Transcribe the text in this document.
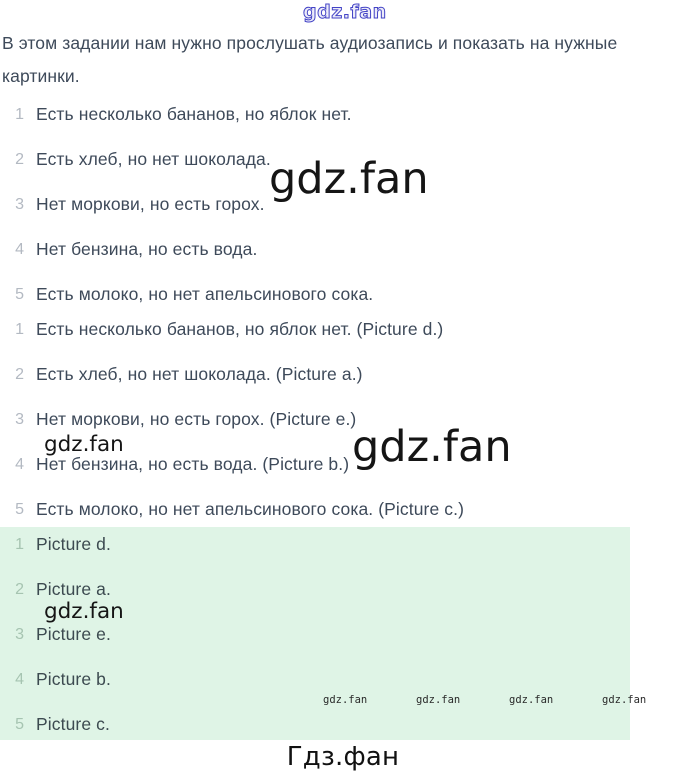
gdz.fan
В этом задании нам нужно прослушать аудиозапись и показать на нужные картинки.
1 Есть несколько бананов, но яблок нет.
2 Есть хлеб, но нет шоколада.
3 Нет моркови, но есть горох.
4 Нет бензина, но есть вода.
5 Есть молоко, но нет апельсинового сока.
1 Есть несколько бананов, но яблок нет. (Picture d.)
2 Есть хлеб, но нет шоколада. (Picture a.)
3 Нет моркови, но есть горох. (Picture e.)
4 Нет бензина, но есть вода. (Picture b.)
5 Есть молоко, но нет апельсинового сока. (Picture c.)
1 Picture d.
2 Picture a.
3 Picture e.
4 Picture b.
5 Picture c.
gdz.fan
gdz.fan
gdz.fan
gdz.fan
gdz.fan	gdz.fan	gdz.fan	gdz.fan
Гдз.фан
